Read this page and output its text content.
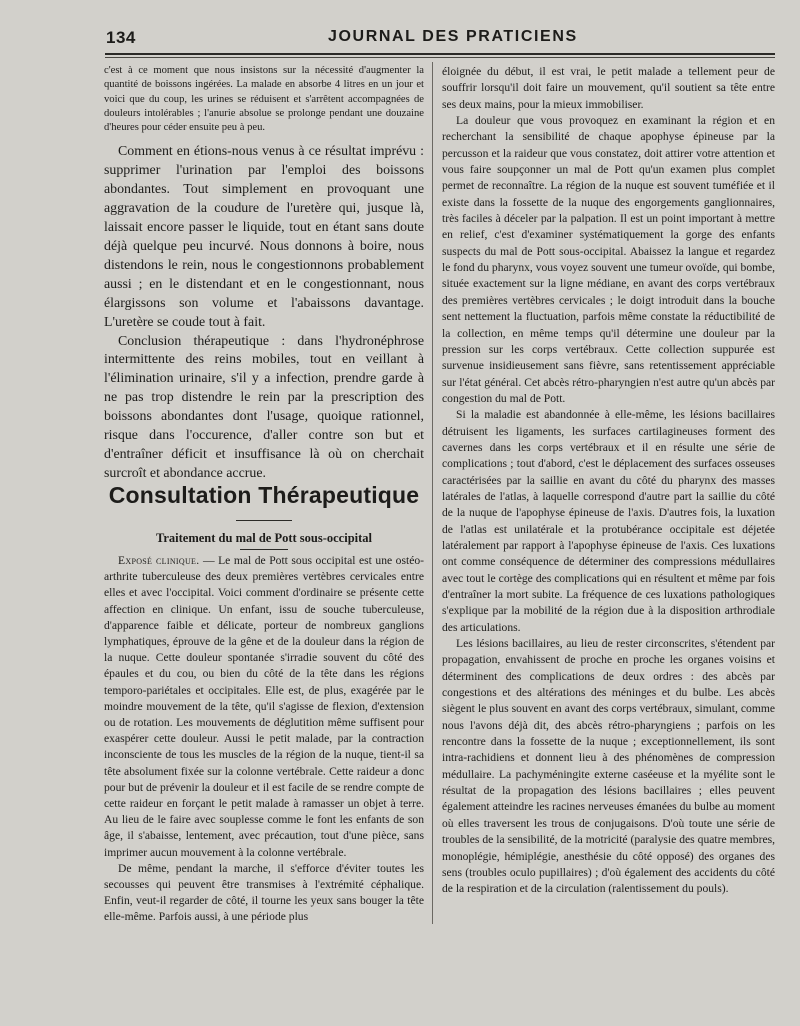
134	JOURNAL DES PRATICIENS

c'est à ce moment que nous insistons sur la nécessité d'augmenter la quantité de boissons ingérées. La malade en absorbe 4 litres en un jour et voici que du coup, les urines se réduisent et s'arrêtent accompagnées de douleurs intolérables ; l'anurie absolue se prolonge pendant une douzaine d'heures pour céder ensuite peu à peu.

Comment en étions-nous venus à ce résultat imprévu : supprimer l'urination par l'emploi des boissons abondantes. Tout simplement en provoquant une aggravation de la coudure de l'uretère qui, jusque là, laissait encore passer le liquide, tout en étant sans doute déjà quelque peu incurvé. Nous donnons à boire, nous distendons le rein, nous le congestionnons probablement aussi ; en le distendant et en le congestionnant, nous élargissons son volume et l'abaissons davantage. L'uretère se coude tout à fait.

Conclusion thérapeutique : dans l'hydronéphrose intermittente des reins mobiles, tout en veillant à l'élimination urinaire, s'il y a infection, prendre garde à ne pas trop distendre le rein par la prescription des boissons abondantes dont l'usage, quoique rationnel, risque dans l'occurence, d'aller contre son but et d'entraîner déficit et insuffisance là où on cherchait surcroît et abondance accrue.

Consultation Thérapeutique
Traitement du mal de Pott sous-occipital

Exposé clinique. — Le mal de Pott sous occipital est une ostéo-arthrite tuberculeuse des deux premières vertèbres cervicales entre elles et avec l'occipital. Voici comment d'ordinaire se présente cette affection en clinique. Un enfant, issu de souche tuberculeuse, d'apparence faible et délicate, porteur de nombreux ganglions lymphatiques, éprouve de la gêne et de la douleur dans la région de la nuque. Cette douleur spontanée s'irradie souvent du côté des épaules et du cou, ou bien du côté de la tête dans les régions temporo-pariétales et occipitales. Elle est, de plus, exagérée par le moindre mouvement de la tête, qu'il s'agisse de flexion, d'extension ou de rotation. Les mouvements de déglutition même suffisent pour exaspérer cette douleur. Aussi le petit malade, par la contraction inconsciente de tous les muscles de la région de la nuque, tient-il sa tête absolument fixée sur la colonne vertébrale. Cette raideur a donc pour but de prévenir la douleur et il est facile de se rendre compte de cette raideur en forçant le petit malade à ramasser un objet à terre. Au lieu de le faire avec souplesse comme le font les enfants de son âge, il s'abaisse, lentement, avec précaution, tout d'une pièce, sans imprimer aucun mouvement à la colonne vertébrale.

De même, pendant la marche, il s'efforce d'éviter toutes les secousses qui peuvent être transmises à l'extrémité céphalique. Enfin, veut-il regarder de côté, il tourne les yeux sans bouger la tête elle-même. Parfois aussi, à une période plus

éloignée du début, il est vrai, le petit malade a tellement peur de souffrir lorsqu'il doit faire un mouvement, qu'il soutient sa tête entre ses deux mains, pour la mieux immobiliser.

La douleur que vous provoquez en examinant la région et en recherchant la sensibilité de chaque apophyse épineuse par la percusson et la raideur que vous constatez, doit attirer votre attention et vous faire soupçonner un mal de Pott qu'un examen plus complet permet de reconnaître. La région de la nuque est souvent tuméfiée et il existe dans la fossette de la nuque des engorgements ganglionnaires, très faciles à déceler par la palpation. Il est un point important à mettre en relief, c'est d'examiner systématiquement la gorge des enfants suspects du mal de Pott sous-occipital. Abaissez la langue et regardez le fond du pharynx, vous voyez souvent une tumeur ovoïde, qui bombe, située exactement sur la ligne médiane, en avant des corps vertébraux des premières vertèbres cervicales ; le doigt introduit dans la bouche sent nettement la fluctuation, parfois même constate la réductibilité de la collection, en même temps qu'il détermine une douleur par la pression sur les corps vertébraux. Cette collection suppurée est survenue insidieusement sans fièvre, sans retentissement appréciable sur l'état général. Cet abcès rétro-pharyngien n'est autre qu'un abcès par congestion du mal de Pott.

Si la maladie est abandonnée à elle-même, les lésions bacillaires détruisent les ligaments, les surfaces cartilagineuses forment des cavernes dans les corps vertébraux et il en résulte une série de complications ; tout d'abord, c'est le déplacement des surfaces osseuses caractérisées par la saillie en avant du côté du pharynx des masses latérales de l'atlas, à laquelle correspond d'autre part la saillie du côté de la nuque de l'apophyse épineuse de l'axis. D'autres fois, la luxation de l'atlas est unilatérale et la protubérance occipitale est déjetée latéralement par rapport à l'apophyse épineuse de l'axis. Ces luxations ont comme conséquence de déterminer des compressions médullaires avec tout le cortège des complications qui en résultent et même par fois d'entraîner la mort subite. La fréquence de ces luxations pathologiques s'explique par la mobilité de la région due à la disposition arthrodiale des articulations.

Les lésions bacillaires, au lieu de rester circonscrites, s'étendent par propagation, envahissent de proche en proche les organes voisins et déterminent des complications de deux ordres : des abcès par congestions et des altérations des méninges et du bulbe. Les abcès siègent le plus souvent en avant des corps vertébraux, simulant, comme nous l'avons déjà dit, des abcès rétro-pharyngiens ; parfois on les rencontre dans la fossette de la nuque ; exceptionnellement, ils sont intra-rachidiens et donnent lieu à des phénomènes de compression médullaire. La pachyméningite externe caséeuse et la myélite sont le résultat de la propagation des lésions bacillaires ; elles peuvent également atteindre les racines nerveuses émanées du bulbe au moment où elles traversent les trous de conjugaisons. D'où toute une série de troubles de la sensibilité, de la motricité (paralysie des quatre membres, monoplégie, hémiplégie, anesthésie du côté opposé) des organes des sens (troubles oculo pupillaires) ; d'où également des accidents du côté de la respiration et de la circulation (ralentissement du pouls).
